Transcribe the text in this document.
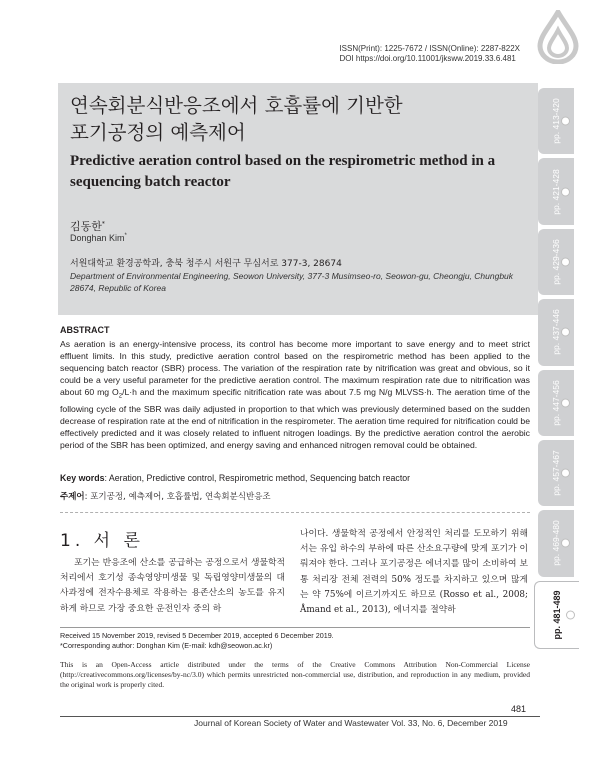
ISSN(Print): 1225-7672 / ISSN(Online): 2287-822X
DOI https://doi.org/10.11001/jksww.2019.33.6.481
pp. 413-420
pp. 421-428
pp. 429-436
pp. 437-446
pp. 447-456
pp. 457-467
pp. 469-480
pp. 481-489
연속회분식반응조에서 호흡률에 기반한
포기공정의 예측제어
Predictive aeration control based on the respirometric method in a sequencing batch reactor
김동한*
Donghan Kim*
서원대학교 환경공학과, 충북 청주시 서원구 무심서로 377-3, 28674
Department of Environmental Engineering, Seowon University, 377-3 Musimseo-ro, Seowon-gu, Cheongju, Chungbuk 28674, Republic of Korea
ABSTRACT
As aeration is an energy-intensive process, its control has become more important to save energy and to meet strict effluent limits. In this study, predictive aeration control based on the respirometric method has been applied to the sequencing batch reactor (SBR) process. The variation of the respiration rate by nitrification was great and obvious, so it could be a very useful parameter for the predictive aeration control. The maximum respiration rate due to nitrification was about 60 mg $O_2/L\cdot h$ and the maximum specific nitrification rate was about 7.5 mg N/g MLVSS·h. The aeration time of the following cycle of the SBR was daily adjusted in proportion to that which was previously determined based on the sudden decrease of respiration rate at the end of nitrification in the respirometer. The aeration time required for nitrification could be effectively predicted and it was closely related to influent nitrogen loadings. By the predictive aeration control the aerobic period of the SBR has been optimized, and energy saving and enhanced nitrogen removal could be obtained.
Key words: Aeration, Predictive control, Respirometric method, Sequencing batch reactor
주제어: 포기공정, 예측제어, 호흡률법, 연속회분식반응조
1. 서 론

포기는 반응조에 산소를 공급하는 공정으로서 생물학적 처리에서 호기성 종속영양미생물 및 독립영양미생물의 대사과정에 전자수용체로 작용하는 용존산소의 농도를 유지하게 하므로 가장 중요한 운전인자 중의 하

나이다. 생물학적 공정에서 안정적인 처리를 도모하기 위해서는 유입 하수의 부하에 따른 산소요구량에 맞게 포기가 이뤄져야 한다. 그러나 포기공정은 에너지를 많이 소비하여 보통 처리장 전체 전력의 50% 정도를 차지하고 있으며 많게는 약 75%에 이르기까지도 하므로 (Rosso et al., 2008; Åmand et al., 2013), 에너지를 절약하

Received 15 November 2019, revised 5 December 2019, accepted 6 December 2019.
*Corresponding author: Donghan Kim (E-mail: kdh@seowon.ac.kr)
This is an Open-Access article distributed under the terms of the Creative Commons Attribution Non-Commercial License (http://creativecommons.org/licenses/by-nc/3.0) which permits unrestricted non-commercial use, distribution, and reproduction in any medium, provided the original work is properly cited.
481
Journal of Korean Society of Water and Wastewater Vol. 33, No. 6, December 2019
